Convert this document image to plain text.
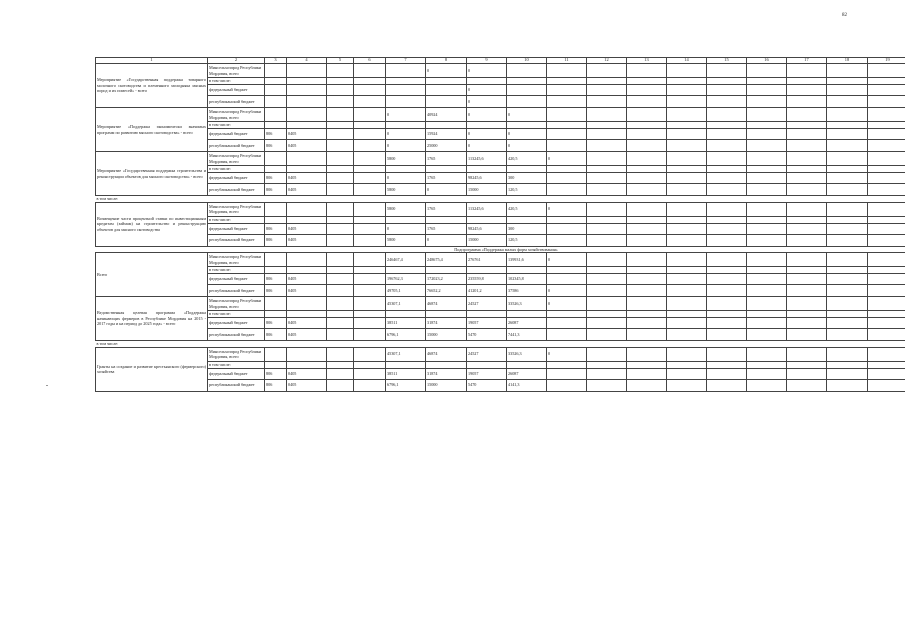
82
1	2	3	4	5	6	7	8	9	10	11	12	13	14	15	16	17	18	19
Мероприятие «Государственная поддержка товарного молочного скотоводства и племенного молодняка мясных пород и их помесей» - всего	Минсельхозпрод Республики Мордовия, всего						0	0										
	в том числе:																	
	федеральный бюджет							0										
	республиканский бюджет							0										
Мероприятие «Поддержка экономически значимых программ по развитию мясного скотоводства» - всего	Минсельхозпрод Республики Мордовия, всего					0	40924	0	0									
	в том числе:																	
	федеральный бюджет	806	0405			0	15924	0	0									
	республиканский бюджет	806	0405			0	25000	0	0									
Мероприятие «Государственная поддержка строительства и реконструкции объектов для мясного скотоводства» - всего	Минсельхозпрод Республики Мордовия, всего					5800	1765	113245,6	420,5	0								
	в том числе:																	
	федеральный бюджет	806	0405			0	1765	98245,6	300									
	республиканский бюджет	806	0405			5800	0	15000	120,5									
в том числе:																		
Возмещение части процентной ставки по инвестиционным кредитам (займам) на строительство и реконструкцию объектов для мясного скотоводства	Минсельхозпрод Республики Мордовия, всего					5800	1765	113245,6	420,5	0								
	в том числе:																	
	федеральный бюджет	806	0405			0	1765	98245,6	300									
	республиканский бюджет	806	0405			5800	0	15000	120,5									
							Подпрограмма «Поддержка малых форм хозяйствования»											
Всего	Минсельхозпрод Республики Мордовия, всего					246467,4	248675,4	276761	139931,6	0								
	в том числе:																	
	федеральный бюджет	806	0405			196762,3	172023,2	235559,8	102345,8									
	республиканский бюджет	806	0405			49705,1	76652,2	41201,2	37586	0								
Ведомственная целевая программа «Поддержка начинающих фермеров в Республике Мордовия на 2015 - 2017 годы и на период до 2025 года» - всего	Минсельхозпрод Республики Мордовия, всего					45307,1	46874	24527	33526,3	0								
	в том числе:																	
	федеральный бюджет	806	0405			38511	31874	19057	26087									
	республиканский бюджет	806	0405			6796,1	15000	5470	7441,3									
в том числе:																		
Гранты на создание и развитие крестьянского (фермерского) хозяйства	Минсельхозпрод Республики Мордовия, всего					45307,1	46874	24527	33526,3	0								
	в том числе:																	
	федеральный бюджет	806	0405			38511	31874	19057	26087									
	республиканский бюджет	806	0405			6796,1	15000	5470	4141,3									
